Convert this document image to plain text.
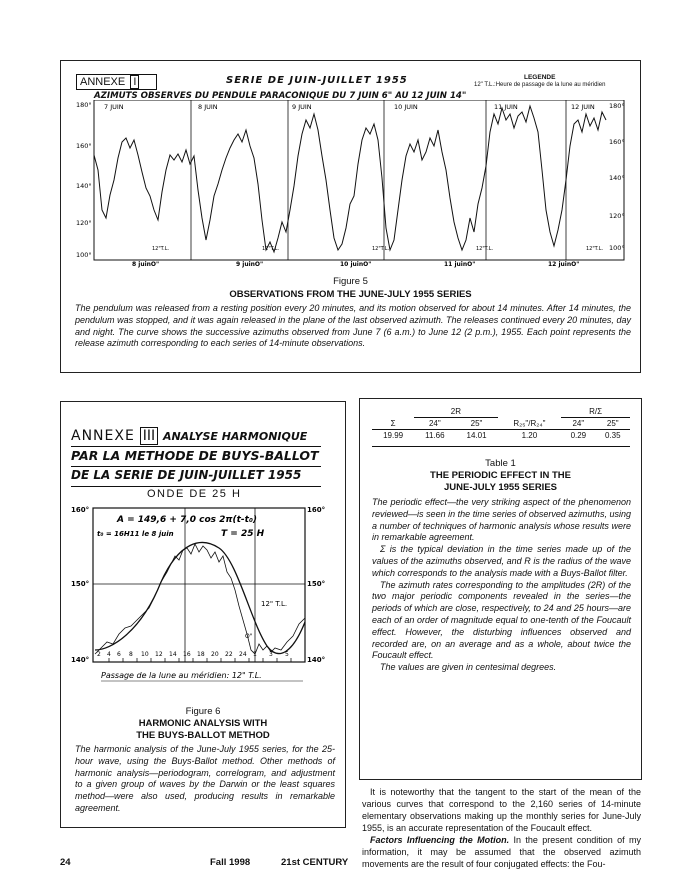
ANNEXE I	SERIE DE JUIN-JUILLET 1955	LEGENDE
12" T.L.:Heure de passage de la lune au méridien
AZIMUTS OBSERVES DU PENDULE PARACONIQUE DU 7 JUIN 6" AU 12 JUIN 14"
180°
160°
140°
120°
100°
180°
160°
140°
120°
100°
7 JUIN	8 JUIN	9 JUIN	10 JUIN	11 JUIN	12 JUIN
12"T.L.	12"T.L.	12"T.L.	12"T.L.	12"T.L.
8 juinO"	9 juinO"	10 juinO"	11 juinO"	12 juinO"
Figure 5
OBSERVATIONS FROM THE JUNE-JULY 1955 SERIES
The pendulum was released from a resting position every 20 minutes, and its motion observed for about 14 minutes. After 14 minutes, the pendulum was stopped, and it was again released in the plane of the last observed azimuth. The releases continued every 20 minutes, day and night. The curve shows the successive azimuths observed from June 7 (6 a.m.) to June 12 (2 p.m.), 1955. Each point represents the release azimuth corresponding to each series of 14-minute observations.
ANNEXE III ANALYSE HARMONIQUE
PAR LA METHODE DE BUYS-BALLOT
DE LA SERIE DE JUIN-JUILLET 1955
ONDE DE 25 H
A = 149,6 + 7,0 cos 2π(t-t₀)
t₀ = 16H11 le 8 juin	T = 25 H
160°
150°
140°
160°
150°
140°
12" T.L.
O"
2 4 6 8 10 12 14 16 18 20 22 24 1 3 5
Passage de la lune au méridien: 12" T.L.
Figure 6
HARMONIC ANALYSIS WITH
THE BUYS-BALLOT METHOD
The harmonic analysis of the June-July 1955 series, for the 25-hour wave, using the Buys-Ballot method. Other methods of harmonic analysis—periodogram, correlogram, and adjustment to a given group of waves by the Darwin or the least squares method—were also used, producing results in remarkable agreement.
	2R			R/Σ	
Σ	24"	25"	R₂₅"/R₂₄"	24"	25"
19.99	11.66	14.01	1.20	0.29	0.35
Table 1
THE PERIODIC EFFECT IN THE
JUNE-JULY 1955 SERIES
The periodic effect—the very striking aspect of the phenomenon reviewed—is seen in the time series of observed azimuths, using a number of techniques of harmonic analysis whose results were in remarkable agreement.
Σ is the typical deviation in the time series made up of the values of the azimuths observed, and R is the radius of the wave which corresponds to the analysis made with a Buys-Ballot filter.
The azimuth rates corresponding to the amplitudes (2R) of the two major periodic components revealed in the series—the periods of which are close, respectively, to 24 and 25 hours—are each of an order of magnitude equal to one-tenth of the Foucault effect. However, the disturbing influences observed and recorded are, on an average and as a whole, about twice the Foucault effect.
The values are given in centesimal degrees.
It is noteworthy that the tangent to the start of the mean of the various curves that correspond to the 2,160 series of 14-minute elementary observations making up the monthly series for June-July 1955, is an accurate representation of the Foucault effect.
Factors Influencing the Motion. In the present condition of my information, it may be assumed that the observed azimuth movements are the result of four conjugated effects: the Fou-
24	Fall 1998	21st CENTURY
